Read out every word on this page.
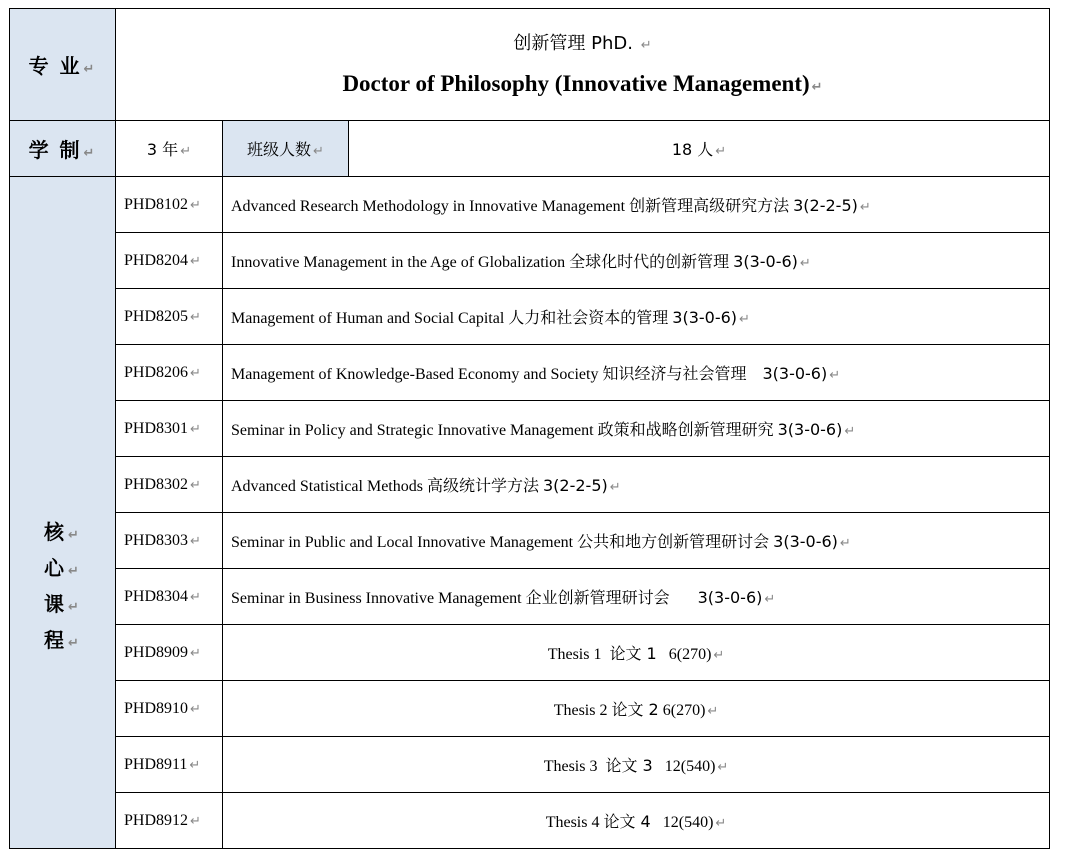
专 业 ↵	创新管理 PhD. ↵
Doctor of Philosophy (Innovative Management) ↵		

学 制 ↵	3 年 ↵	班级人数 ↵	18 人 ↵

核 ↵
心 ↵
课 ↵
程 ↵	PHD8102 ↵	Advanced Research Methodology in Innovative Management 创新管理高级研究方法 3(2-2-5) ↵	
	PHD8204 ↵	Innovative Management in the Age of Globalization 全球化时代的创新管理 3(3-0-6) ↵	
	PHD8205 ↵	Management of Human and Social Capital 人力和社会资本的管理 3(3-0-6) ↵	
	PHD8206 ↵	Management of Knowledge-Based Economy and Society 知识经济与社会管理 3(3-0-6) ↵	
	PHD8301 ↵	Seminar in Policy and Strategic Innovative Management 政策和战略创新管理研究 3(3-0-6) ↵	
	PHD8302 ↵	Advanced Statistical Methods 高级统计学方法 3(2-2-5) ↵	
	PHD8303 ↵	Seminar in Public and Local Innovative Management 公共和地方创新管理研讨会 3(3-0-6) ↵	
	PHD8304 ↵	Seminar in Business Innovative Management 企业创新管理研讨会 3(3-0-6) ↵	
	PHD8909 ↵	Thesis 1 论文 1 6(270) ↵	
	PHD8910 ↵	Thesis 2 论文 2 6(270) ↵	
	PHD8911 ↵	Thesis 3 论文 3 12(540) ↵	
	PHD8912 ↵	Thesis 4 论文 4 12(540) ↵	
